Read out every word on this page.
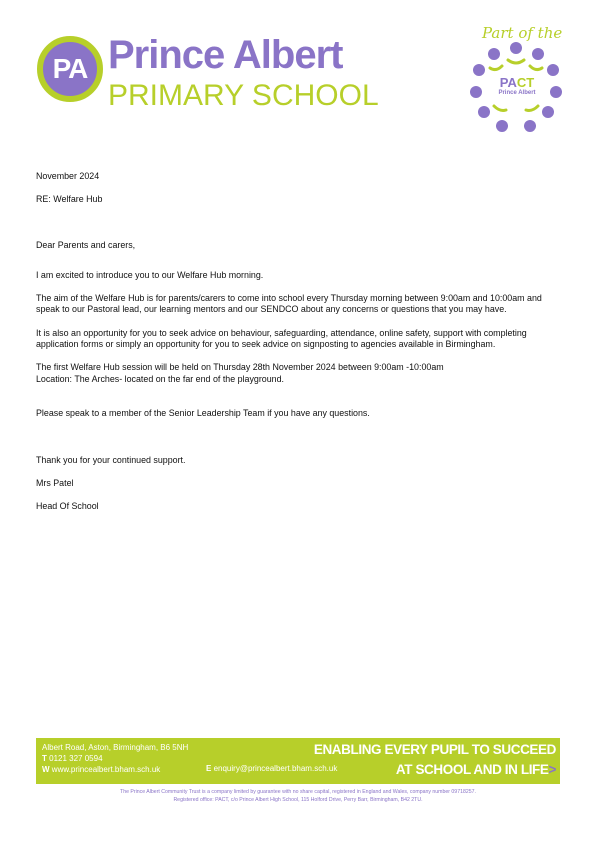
PA Prince Albert
PRIMARY SCHOOL
Part of the
PACT
Prince Albert

November 2024

RE: Welfare Hub

Dear Parents and carers,

I am excited to introduce you to our Welfare Hub morning.

The aim of the Welfare Hub is for parents/carers to come into school every Thursday morning between 9:00am and 10:00am and speak to our Pastoral lead, our learning mentors and our SENDCO about any concerns or questions that you may have.

It is also an opportunity for you to seek advice on behaviour, safeguarding, attendance, online safety, support with completing application forms or simply an opportunity for you to seek advice on signposting to agencies available in Birmingham.

The first Welfare Hub session will be held on Thursday 28th November 2024 between 9:00am -10:00am

Location: The Arches- located on the far end of the playground.

Please speak to a member of the Senior Leadership Team if you have any questions.

Thank you for your continued support.

Mrs Patel

Head Of School

Albert Road, Aston, Birmingham, B6 5NH
T 0121 327 0594
W www.princealbert.bham.sch.uk	E enquiry@princealbert.bham.sch.uk
ENABLING EVERY PUPIL TO SUCCEED
AT SCHOOL AND IN LIFE>
The Prince Albert Community Trust is a company limited by guarantee with no share capital, registered in England and Wales, company number 09718257.
Registered office: PACT, c/o Prince Albert High School, 115 Holford Drive, Perry Barr, Birmingham, B42 2TU.
